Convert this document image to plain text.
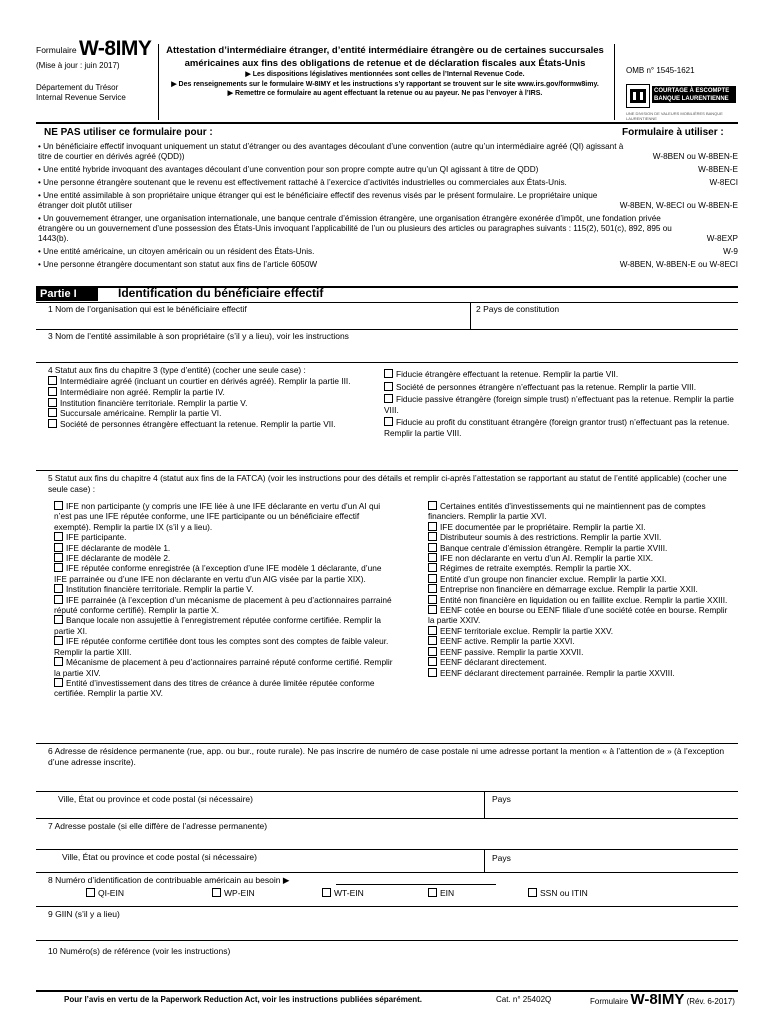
Formulaire W-8IMY
(Mise à jour : juin 2017)
Département du Trésor
Internal Revenue Service
Attestation d’intermédiaire étranger, d’entité intermédiaire étrangère ou de certaines succursales
américaines aux fins des obligations de retenue et de déclaration fiscales aux États-Unis
▶ Les dispositions législatives mentionnées sont celles de l’Internal Revenue Code.
▶ Des renseignements sur le formulaire W-8IMY et les instructions s’y rapportant se trouvent sur le site www.irs.gov/formw8imy.
▶ Remettre ce formulaire au agent effectuant la retenue ou au payeur. Ne pas l’envoyer à l’IRS.
OMB n° 1545-1621
COURTAGE À ESCOMPTE BANQUE LAURENTIENNE
UNE DIVISION DE VALEURS MOBILIÈRES BANQUE LAURENTIENNE
NE PAS utiliser ce formulaire pour :	Formulaire à utiliser :
• Un bénéficiaire effectif invoquant uniquement un statut d’étranger ou des avantages découlant d’une convention (autre qu’un intermédiaire agréé (QI) agissant à titre de courtier en dérivés agréé (QDD))	W-8BEN ou W-8BEN-E
• Une entité hybride invoquant des avantages découlant d’une convention pour son propre compte autre qu’un QI agissant à titre de QDD)	W-8BEN-E
• Une personne étrangère soutenant que le revenu est effectivement rattaché à l’exercice d’activités industrielles ou commerciales aux États-Unis.	W-8ECI
• Une entité assimilable à son propriétaire unique étranger qui est le bénéficiaire effectif des revenus visés par le présent formulaire. Le propriétaire unique étranger doit plutôt utiliser	W-8BEN, W-8ECI ou W-8BEN-E
• Un gouvernement étranger, une organisation internationale, une banque centrale d’émission étrangère, une organisation étrangère exonérée d’impôt, une fondation privée étrangère ou un gouvernement d’une possession des États-Unis invoquant l’applicabilité de l’un ou plusieurs des articles ou paragraphes suivants : 115(2), 501(c), 892, 895 ou 1443(b).	W-8EXP
• Une entité américaine, un citoyen américain ou un résident des États-Unis.	W-9
• Une personne étrangère documentant son statut aux fins de l’article 6050W	W-8BEN, W-8BEN-E ou W-8ECI
Partie I	Identification du bénéficiaire effectif
1 Nom de l’organisation qui est le bénéficiaire effectif	2 Pays de constitution
3 Nom de l’entité assimilable à son propriétaire (s’il y a lieu), voir les instructions
4 Statut aux fins du chapitre 3 (type d’entité) (cocher une seule case) :
Intermédiaire agréé (incluant un courtier en dérivés agréé). Remplir la partie III.
Intermédiaire non agréé. Remplir la partie IV.
Institution financière territoriale. Remplir la partie V.
Succursale américaine. Remplir la partie VI.
Société de personnes étrangère effectuant la retenue. Remplir la partie VII.
Fiducie étrangère effectuant la retenue. Remplir la partie VII.
Société de personnes étrangère n’effectuant pas la retenue. Remplir la partie VIII.
Fiducie passive étrangère (foreign simple trust) n’effectuant pas la retenue. Remplir la partie VIII.
Fiducie au profit du constituant étrangère (foreign grantor trust) n’effectuant pas la retenue. Remplir la partie VIII.
5 Statut aux fins du chapitre 4 (statut aux fins de la FATCA) (voir les instructions pour des détails et remplir ci-après l’attestation se rapportant au statut de l’entité applicable) (cocher une seule case) :
IFE non participante (y compris une IFE liée à une IFE déclarante en vertu d’un AI qui n’est pas une IFE réputée conforme, une IFE participante ou un bénéficiaire effectif exempté). Remplir la partie IX (s’il y a lieu).
IFE participante.
IFE déclarante de modèle 1.
IFE déclarante de modèle 2.
IFE réputée conforme enregistrée (à l’exception d’une IFE modèle 1 déclarante, d’une IFE parrainée ou d’une IFE non déclarante en vertu d’un AIG visée par la partie XIX).
Institution financière territoriale. Remplir la partie V.
IFE parrainée (à l’exception d’un mécanisme de placement à peu d’actionnaires parrainé réputé conforme certifié). Remplir la partie X.
Banque locale non assujettie à l’enregistrement réputée conforme certifiée. Remplir la partie XI.
IFE réputée conforme certifiée dont tous les comptes sont des comptes de faible valeur. Remplir la partie XIII.
Mécanisme de placement à peu d’actionnaires parrainé réputé conforme certifié. Remplir la partie XIV.
Entité d’investissement dans des titres de créance à durée limitée réputée conforme certifiée. Remplir la partie XV.
Certaines entités d’investissements qui ne maintiennent pas de comptes financiers. Remplir la partie XVI.
IFE documentée par le propriétaire. Remplir la partie XI.
Distributeur soumis à des restrictions. Remplir la partie XVII.
Banque centrale d’émission étrangère. Remplir la partie XVIII.
IFE non déclarante en vertu d’un AI. Remplir la partie XIX.
Régimes de retraite exemptés. Remplir la partie XX.
Entité d’un groupe non financier exclue. Remplir la partie XXI.
Entreprise non financière en démarrage exclue. Remplir la partie XXII.
Entité non financière en liquidation ou en faillite exclue. Remplir la partie XXIII.
EENF cotée en bourse ou EENF filiale d’une société cotée en bourse. Remplir la partie XXIV.
EENF territoriale exclue. Remplir la partie XXV.
EENF active. Remplir la partie XXVI.
EENF passive. Remplir la partie XXVII.
EENF déclarant directement.
EENF déclarant directement parrainée. Remplir la partie XXVIII.
6 Adresse de résidence permanente (rue, app. ou bur., route rurale). Ne pas inscrire de numéro de case postale ni ume adresse portant la mention « à l’attention de » (à l’exception d’une adresse inscrite).
Ville, État ou province et code postal (si nécessaire)	Pays
7 Adresse postale (si elle diffère de l’adresse permanente)
Ville, État ou province et code postal (si nécessaire)	Pays
8 Numéro d’identification de contribuable américain au besoin ▶
QI-EIN	WP-EIN	WT-EIN	EIN	SSN ou ITIN
9 GIIN (s’il y a lieu)
10 Numéro(s) de référence (voir les instructions)
Pour l’avis en vertu de la Paperwork Reduction Act, voir les instructions publiées séparément.	Cat. n° 25402Q	Formulaire W-8IMY (Rév. 6-2017)
